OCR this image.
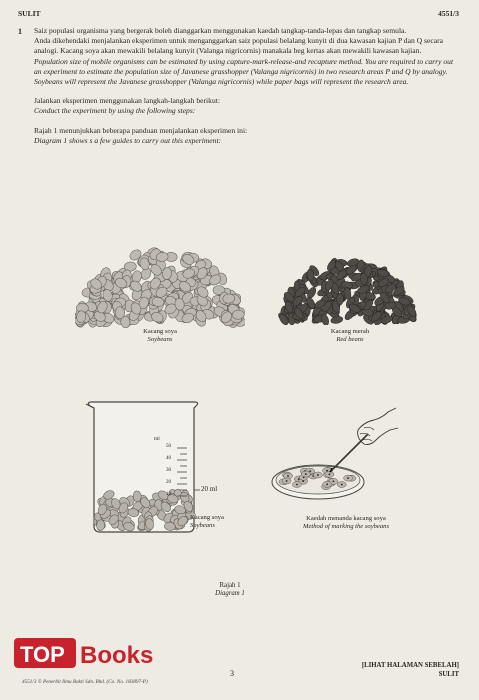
SULIT	4551/3
1 Saiz populasi organisma yang bergerak boleh dianggarkan menggunakan kaedah tangkap-tanda-lepas dan tangkap semula.

Anda dikehendaki menjalankan eksperimen untuk menganggarkan saiz populasi belalang kunyit di dua kawasan kajian P dan Q secara analogi. Kacang soya akan mewakili belalang kunyit (Valanga nigricornis) manakala beg kertas akan mewakili kawasan kajian.

Population size of mobile organisms can be estimated by using capture-mark-release-and recapture method. You are required to carry out an experiment to estimate the population size of Javanese grasshopper (Valanga nigricornis) in two research areas P and Q by analogy. Soybeans will represent the Javanese grasshopper (Valanga nigricornis) while paper bags will represent the research area.

Jalankan eksperimen menggunakan langkah-langkah berikut:

Conduct the experiment by using the following steps:

Rajah 1 menunjukkan beberapa panduan menjalankan eksperimen ini:

Diagram 1 shows s a few guides to carry out this experiment:

Kacang soya
Soybeans
Kacang merah
Red beans
ml
50
40
30
20
10
20 ml
Kacang soya
Soybeans
Kaedah menanda kacang soya
Method of marking the soybeans
Rajah 1
Diagram 1
TOP Books
4551/3 © Penerbit Ilmu Bakti Sdn. Bhd. (Co. No. 183897-P)
3
[LIHAT HALAMAN SEBELAH]
SULIT
